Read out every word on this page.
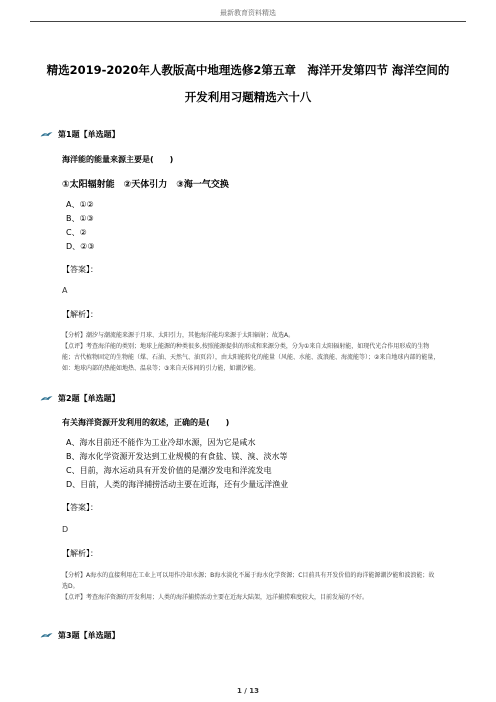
最新教育资料精选
精选2019-2020年人教版高中地理选修2第五章　海洋开发第四节 海洋空间的
开发利用习题精选六十八
第1题【单选题】
海洋能的能量来源主要是(　　)
①太阳辐射能　②天体引力　③海一气交换
A、①②
B、①③
C、②
D、②③
【答案】：
A
【解析】：

【分析】潮汐与潮流能来源于月球、太阳引力，其他海洋能均来源于太阳辐射；故选A。

【点评】考查海洋能的类别；地球上能源的种类很多,按照能源提供的形成和来源分类，分为①来自太阳辐射能，如现代光合作用形成的生物能；古代植物固定的生物能（煤、石油、天然气、油页岩），由太阳能转化的能量（风能、水能、波浪能、海流能等）；②来自地球内部的能量，如：地球内部的热能如地热、温泉等；③来自天体间的引力能，如潮汐能。

第2题【单选题】
有关海洋资源开发利用的叙述，正确的是(　　)
A、海水目前还不能作为工业冷却水源，因为它是咸水
B、海水化学资源开发达到工业规模的有食盐、镁、溴、淡水等
C、目前，海水运动具有开发价值的是潮汐发电和洋流发电
D、目前，人类的海洋捕捞活动主要在近海，还有少量远洋渔业
【答案】：
D
【解析】：

【分析】A海水的直接利用在工业上可以用作冷却水源；B海水淡化不属于海水化学资源；C目前具有开发价值的海洋能源潮汐能和波浪能；故选D。

【点评】考查海洋资源的开发利用；人类的海洋捕捞活动主要在近海大陆架，远洋捕捞难度较大，目前发展的不好。

第3题【单选题】
1 / 13
